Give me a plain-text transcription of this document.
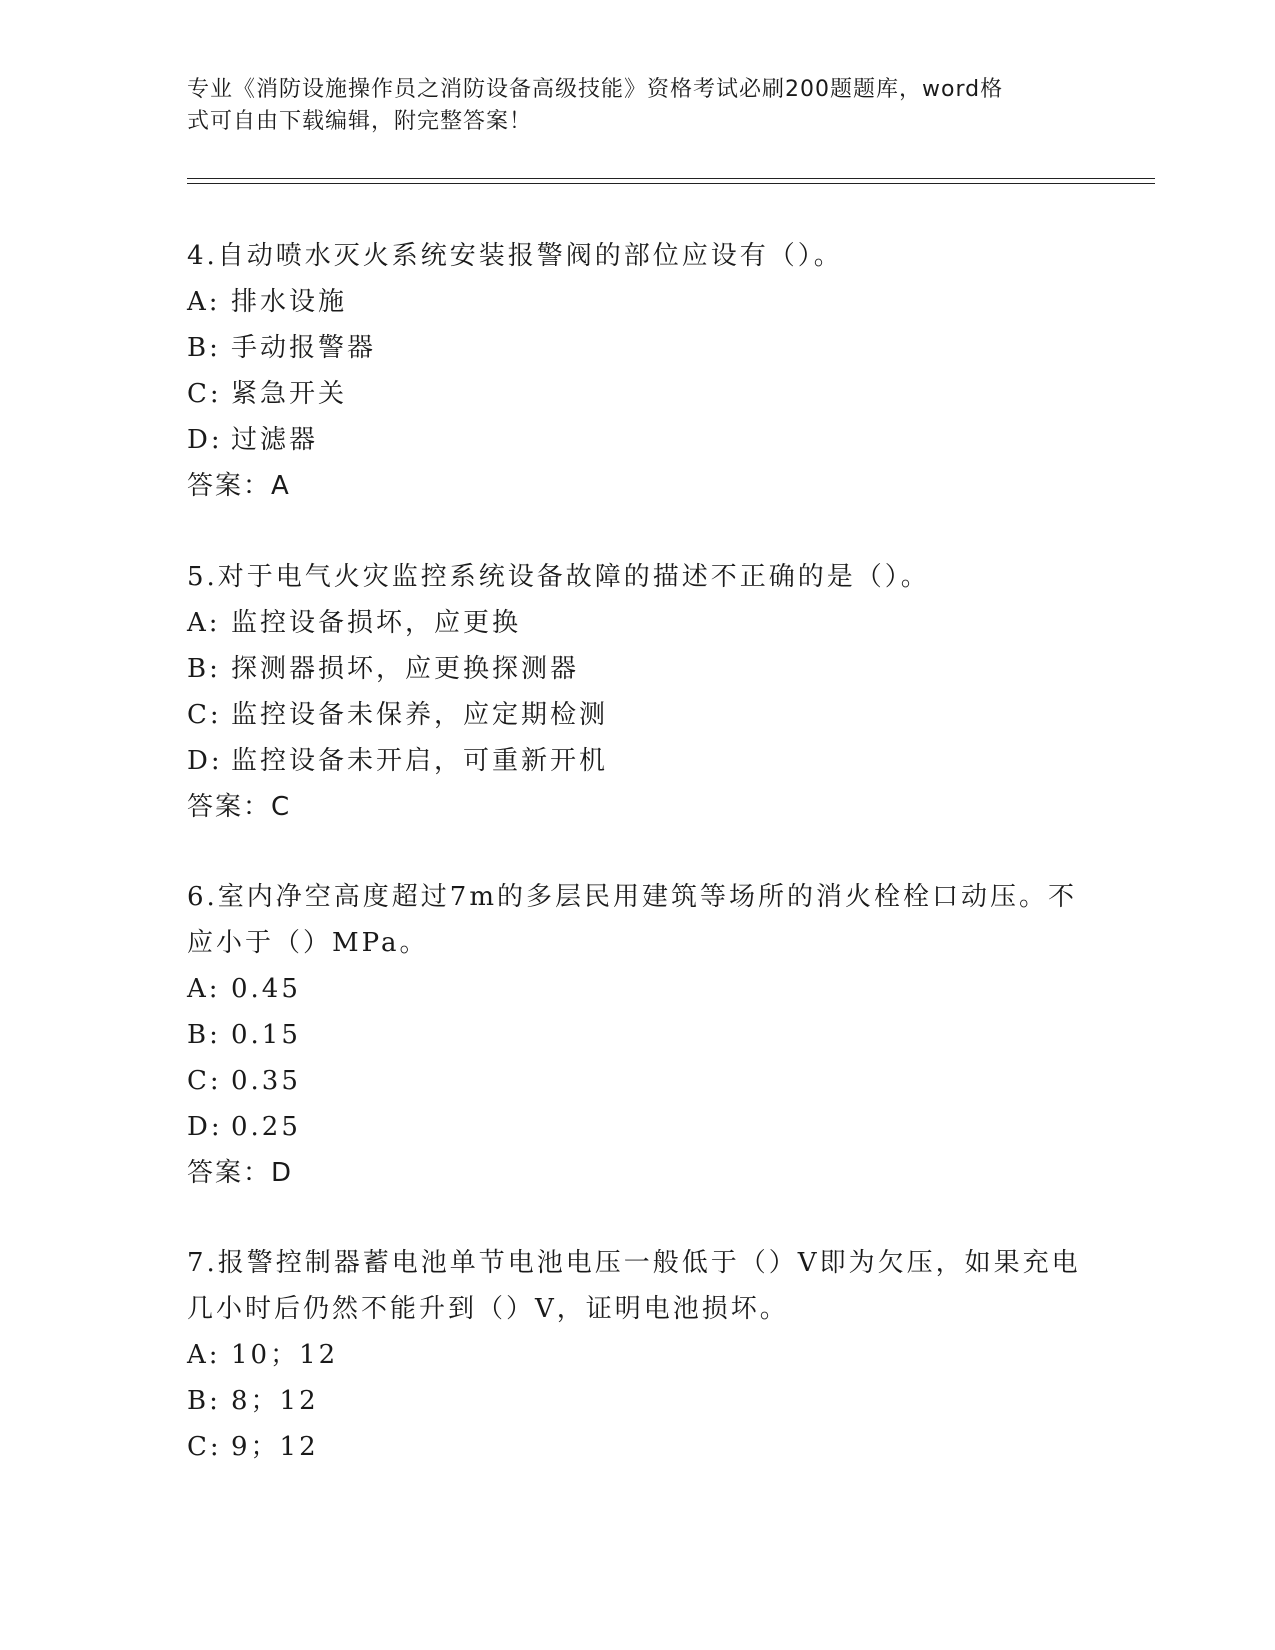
专业《消防设施操作员之消防设备高级技能》资格考试必刷200题题库，word格
式可自由下载编辑，附完整答案！
4.自动喷水灭火系统安装报警阀的部位应设有（）。
A: 排水设施
B: 手动报警器
C: 紧急开关
D: 过滤器
答案：A
5.对于电气火灾监控系统设备故障的描述不正确的是（）。
A: 监控设备损坏，应更换
B: 探测器损坏，应更换探测器
C: 监控设备未保养，应定期检测
D: 监控设备未开启，可重新开机
答案：C
6.室内净空高度超过7m的多层民用建筑等场所的消火栓栓口动压。不应小于（）MPa。
A: 0.45
B: 0.15
C: 0.35
D: 0.25
答案：D
7.报警控制器蓄电池单节电池电压一般低于（）V即为欠压，如果充电几小时后仍然不能升到（）V，证明电池损坏。
A: 10；12
B: 8；12
C: 9；12
